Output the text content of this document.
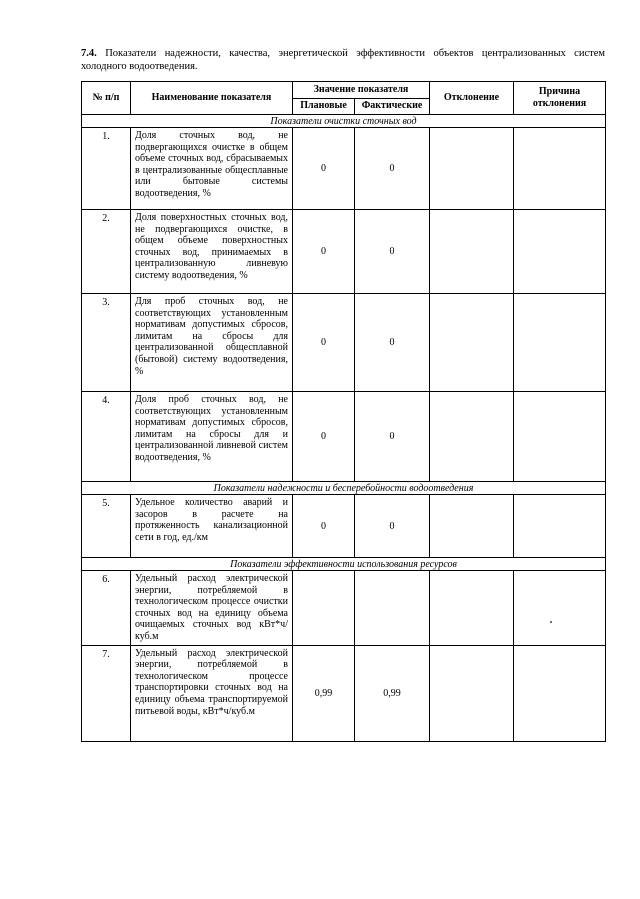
7.4. Показатели надежности, качества, энергетической эффективности объектов централизованных систем холодного водоотведения.
№ п/п	Наименование показателя	Значение показателя		Отклонение	Причина отклонения
		Плановые	Фактические		
Показатели очистки сточных вод					
1.	Доля сточных вод, не подвергающихся очистке в общем объеме сточных вод, сбрасываемых в централизованные общесплавные или бытовые системы водоотведения, %	0	0		
2.	Доля поверхностных сточных вод, не подвергающихся очистке, в общем объеме поверхностных сточных вод, принимаемых в централизованную ливневую систему водоотведения, %	0	0		
3.	Для проб сточных вод, не соответствующих установленным нормативам допустимых сбросов, лимитам на сбросы для централизованной общесплавной (бытовой) систему водоотведения, %	0	0		
4.	Доля проб сточных вод, не соответствующих установленным нормативам допустимых сбросов, лимитам на сбросы для и централизованной ливневой систем водоотведения, %	0	0		
Показатели надежности и бесперебойности водоотведения					
5.	Удельное количество аварий и засоров в расчете на протяженность канализационной сети в год, ед./км	0	0		
Показатели эффективности использования ресурсов					
6.	Удельный расход электрической энергии, потребляемой в технологическом процессе очистки сточных вод на единицу объема очищаемых сточных вод кВт*ч/куб.м				
7.	Удельный расход электрической энергии, потребляемой в технологическом процессе транспортировки сточных вод на единицу объема транспортируемой питьевой воды, кВт*ч/куб.м	0,99	0,99		
